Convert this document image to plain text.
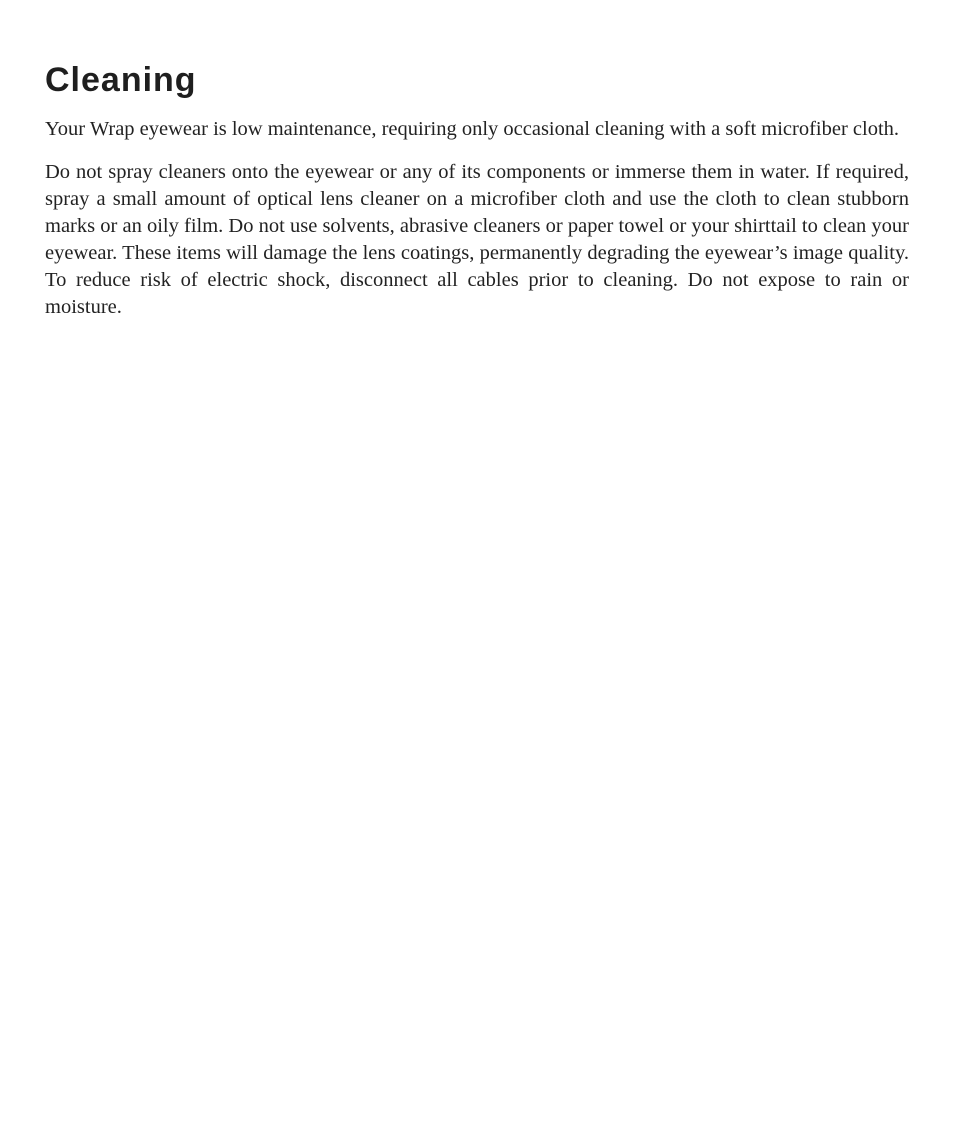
Cleaning

Your Wrap eyewear is low maintenance, requiring only occasional cleaning with a soft microfiber cloth.

Do not spray cleaners onto the eyewear or any of its components or immerse them in water. If required, spray a small amount of optical lens cleaner on a microfiber cloth and use the cloth to clean stubborn marks or an oily film. Do not use solvents, abrasive cleaners or paper towel or your shirttail to clean your eyewear. These items will damage the lens coatings, permanently degrading the eyewear’s image quality. To reduce risk of electric shock, disconnect all cables prior to cleaning. Do not expose to rain or moisture.
